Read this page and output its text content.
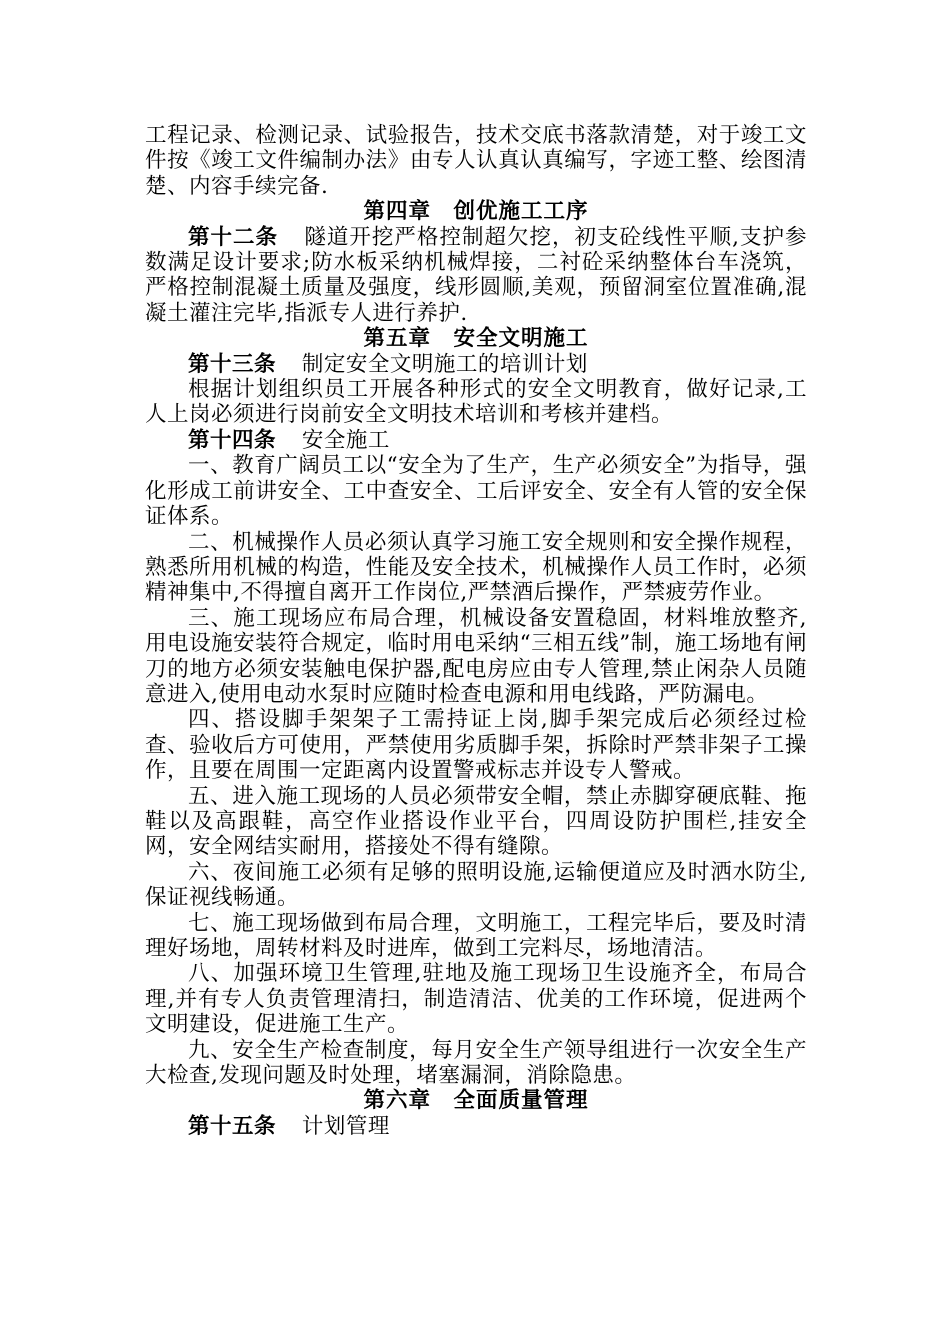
工程记录、检测记录、试验报告，技术交底书落款清楚，对于竣工文件按《竣工文件编制办法》由专人认真认真编写，字迹工整、绘图清楚、内容手续完备.

第四章　创优施工工序

第十二条 隧道开挖严格控制超欠挖，初支砼线性平顺,支护参数满足设计要求;防水板采纳机械焊接，二衬砼采纳整体台车浇筑，严格控制混凝土质量及强度，线形圆顺,美观，预留洞室位置准确,混凝土灌注完毕,指派专人进行养护.

第五章　安全文明施工

第十三条 制定安全文明施工的培训计划

根据计划组织员工开展各种形式的安全文明教育，做好记录,工人上岗必须进行岗前安全文明技术培训和考核并建档。

第十四条 安全施工

一、教育广阔员工以“安全为了生产，生产必须安全”为指导，强化形成工前讲安全、工中查安全、工后评安全、安全有人管的安全保证体系。

二、机械操作人员必须认真学习施工安全规则和安全操作规程，熟悉所用机械的构造，性能及安全技术，机械操作人员工作时，必须精神集中,不得擅自离开工作岗位,严禁酒后操作，严禁疲劳作业。

三、施工现场应布局合理，机械设备安置稳固，材料堆放整齐,用电设施安装符合规定，临时用电采纳“三相五线”制，施工场地有闸刀的地方必须安装触电保护器,配电房应由专人管理,禁止闲杂人员随意进入,使用电动水泵时应随时检查电源和用电线路，严防漏电。

四、搭设脚手架架子工需持证上岗,脚手架完成后必须经过检查、验收后方可使用，严禁使用劣质脚手架，拆除时严禁非架子工操作，且要在周围一定距离内设置警戒标志并设专人警戒。

五、进入施工现场的人员必须带安全帽，禁止赤脚穿硬底鞋、拖鞋以及高跟鞋，高空作业搭设作业平台，四周设防护围栏,挂安全网，安全网结实耐用，搭接处不得有缝隙。

六、夜间施工必须有足够的照明设施,运输便道应及时洒水防尘,保证视线畅通。

七、施工现场做到布局合理，文明施工，工程完毕后，要及时清理好场地，周转材料及时进库，做到工完料尽，场地清洁。

八、加强环境卫生管理,驻地及施工现场卫生设施齐全，布局合理,并有专人负责管理清扫，制造清洁、优美的工作环境，促进两个文明建设，促进施工生产。

九、安全生产检查制度，每月安全生产领导组进行一次安全生产大检查,发现问题及时处理，堵塞漏洞，消除隐患。

第六章　全面质量管理

第十五条 计划管理
